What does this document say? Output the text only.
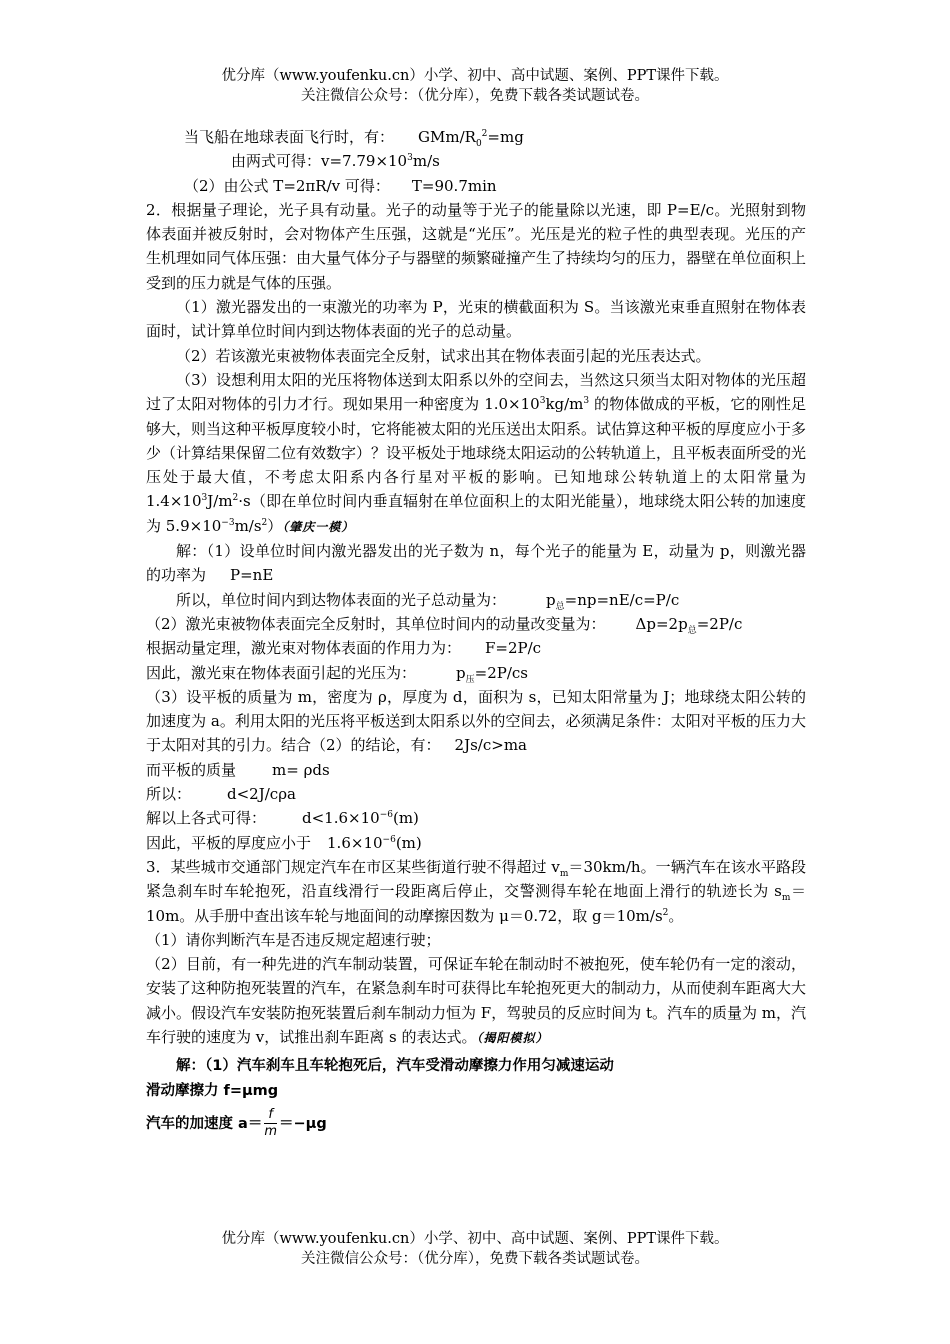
优分库（www.youfenku.cn）小学、初中、高中试题、案例、PPT课件下载。
关注微信公众号：（优分库），免费下载各类试题试卷。

当飞船在地球表面飞行时，有： GMm/$R_0^2=mg$

由两式可得：$v=7.79\times 10^3m/s$

（2）由公式 T=2πR/v 可得： T=90.7min

2．根据量子理论，光子具有动量。光子的动量等于光子的能量除以光速，即 P=E/c。光照射到物体表面并被反射时，会对物体产生压强，这就是“光压”。光压是光的粒子性的典型表现。光压的产生机理如同气体压强：由大量气体分子与器壁的频繁碰撞产生了持续均匀的压力，器壁在单位面积上受到的压力就是气体的压强。

（1）激光器发出的一束激光的功率为 P，光束的横截面积为 S。当该激光束垂直照射在物体表面时，试计算单位时间内到达物体表面的光子的总动量。

（2）若该激光束被物体表面完全反射，试求出其在物体表面引起的光压表达式。

（3）设想利用太阳的光压将物体送到太阳系以外的空间去，当然这只须当太阳对物体的光压超过了太阳对物体的引力才行。现如果用一种密度为 $1.0\times 10^3kg/m^3$ 的物体做成的平板，它的刚性足够大，则当这种平板厚度较小时，它将能被太阳的光压送出太阳系。试估算这种平板的厚度应小于多少（计算结果保留二位有效数字）？设平板处于地球绕太阳运动的公转轨道上，且平板表面所受的光压处于最大值，不考虑太阳系内各行星对平板的影响。已知地球公转轨道上的太阳常量为 $1.4\times 10^3J/m^2\cdot s$（即在单位时间内垂直辐射在单位面积上的太阳光能量），地球绕太阳公转的加速度为 $5.9\times 10^{-3}m/s^2$）（肇庆一模）

解：（1）设单位时间内激光器发出的光子数为 n，每个光子的能量为 E，动量为 p，则激光器的功率为 P=nE

所以，单位时间内到达物体表面的光子总动量为：	$p_总=np=nE/c=P/c$

（2）激光束被物体表面完全反射时，其单位时间内的动量改变量为： $\Delta p=2p_总=2P/c$

根据动量定理，激光束对物体表面的作用力为： F=2P/c

因此，激光束在物体表面引起的光压为：	$p_压=2P/cs$

（3）设平板的质量为 m，密度为 ρ，厚度为 d，面积为 s，已知太阳常量为 J；地球绕太阳公转的加速度为 a。利用太阳的光压将平板送到太阳系以外的空间去，必须满足条件：太阳对平板的压力大于太阳对其的引力。结合（2）的结论，有： 2Js/c>ma

而平板的质量 m= ρds

所以： d<2J/cρa

解以上各式可得： $d<1.6\times 10^{-6}(m)$

因此，平板的厚度应小于 $1.6\times 10^{-6}(m)$

3．某些城市交通部门规定汽车在市区某些街道行驶不得超过 $v_m=30km/h$。一辆汽车在该水平路段紧急刹车时车轮抱死，沿直线滑行一段距离后停止，交警测得车轮在地面上滑行的轨迹长为 $s_m=10m$。从手册中查出该车轮与地面间的动摩擦因数为 μ＝0.72，取 $g=10m/s^2$。

（1）请你判断汽车是否违反规定超速行驶；

（2）目前，有一种先进的汽车制动装置，可保证车轮在制动时不被抱死，使车轮仍有一定的滚动，安装了这种防抱死装置的汽车，在紧急刹车时可获得比车轮抱死更大的制动力，从而使刹车距离大大减小。假设汽车安装防抱死装置后刹车制动力恒为 F，驾驶员的反应时间为 t。汽车的质量为 m，汽车行驶的速度为 v，试推出刹车距离 s 的表达式。（揭阳模拟）

解：（1）汽车刹车且车轮抱死后，汽车受滑动摩擦力作用匀减速运动

滑动摩擦力 f=μmg

汽车的加速度 $a= \frac{f}{m} =-\mu g$

优分库（www.youfenku.cn）小学、初中、高中试题、案例、PPT课件下载。
关注微信公众号：（优分库），免费下载各类试题试卷。
